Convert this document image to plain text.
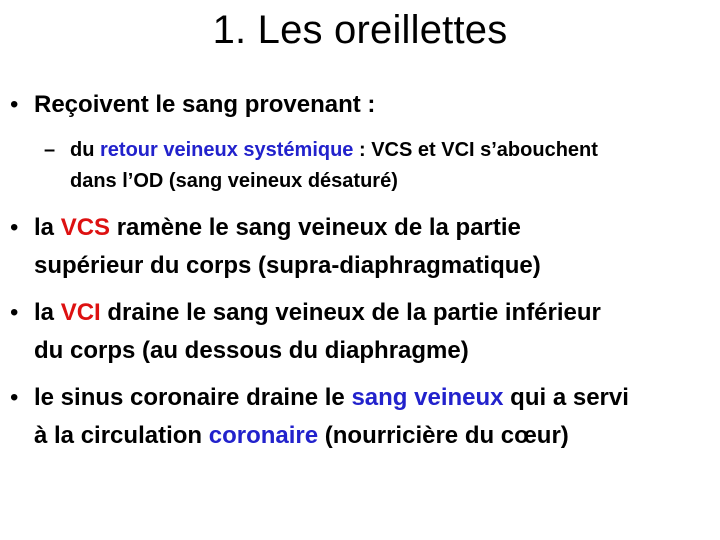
1. Les oreillettes
• Reçoivent le sang provenant :
– du retour veineux systémique : VCS et VCI s’abouchent
dans l’OD (sang veineux désaturé)
• la VCS ramène le sang veineux de la partie
supérieur du corps (supra-diaphragmatique)
• la VCI draine le sang veineux de la partie inférieur
du corps (au dessous du diaphragme)
• le sinus coronaire draine le sang veineux qui a servi
à la circulation coronaire (nourricière du cœur)
